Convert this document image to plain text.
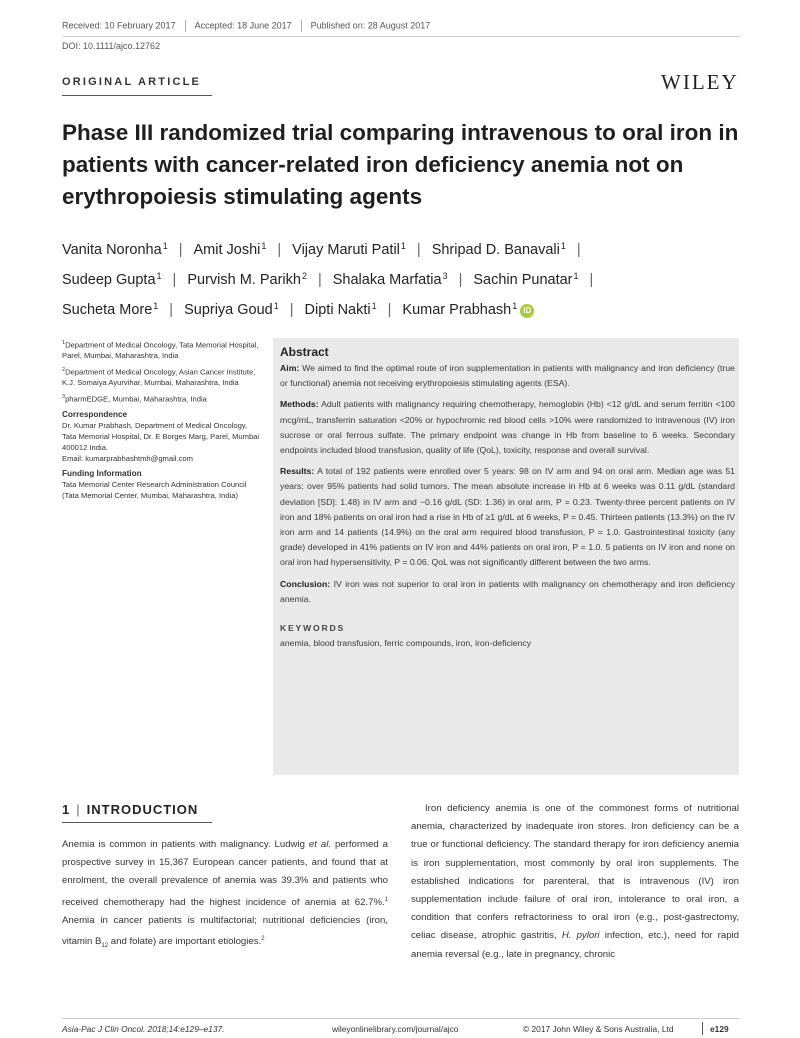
Received: 10 February 2017 Accepted: 18 June 2017 Published on: 28 August 2017
DOI: 10.1111/ajco.12762
ORIGINAL ARTICLE	WILEY
Phase III randomized trial comparing intravenous to oral iron in patients with cancer-related iron deficiency anemia not on erythropoiesis stimulating agents
Vanita Noronha$^1$ | Amit Joshi$^1$ | Vijay Maruti Patil$^1$ | Shripad D. Banavali$^1$ |
Sudeep Gupta$^1$ | Purvish M. Parikh$^2$ | Shalaka Marfatia$^3$ | Sachin Punatar$^1$ |
Sucheta More$^1$ | Supriya Goud$^1$ | Dipti Nakti$^1$ | Kumar Prabhash$^1$ iD

$^1$Department of Medical Oncology, Tata Memorial Hospital, Parel, Mumbai, Maharashtra, India

$^2$Department of Medical Oncology, Asian Cancer Institute, K.J. Somaiya Ayurvihar, Mumbai, Maharashtra, India

$^3$pharmEDGE, Mumbai, Maharashtra, India

Correspondence

Dr. Kumar Prabhash, Department of Medical Oncology, Tata Memorial Hospital, Dr. E Borges Marg, Parel, Mumbai 400012 India.

Email: kumarprabhashtmh@gmail.com

Funding Information

Tata Memorial Center Research Administration Council (Tata Memorial Center, Mumbai, Maharashtra, India)

Abstract

Aim: We aimed to find the optimal route of iron supplementation in patients with malignancy and iron deficiency (true or functional) anemia not receiving erythropoiesis stimulating agents (ESA).

Methods: Adult patients with malignancy requiring chemotherapy, hemoglobin (Hb) <12 g/dL and serum ferritin <100 mcg/mL, transferrin saturation <20% or hypochromic red blood cells >10% were randomized to intravenous (IV) iron sucrose or oral ferrous sulfate. The primary endpoint was change in Hb from baseline to 6 weeks. Secondary endpoints included blood transfusion, quality of life (QoL), toxicity, response and overall survival.

Results: A total of 192 patients were enrolled over 5 years: 98 on IV arm and 94 on oral arm. Median age was 51 years; over 95% patients had solid tumors. The mean absolute increase in Hb at 6 weeks was 0.11 g/dL (standard deviation [SD]: 1.48) in IV arm and −0.16 g/dL (SD: 1.36) in oral arm, P = 0.23. Twenty-three percent patients on IV iron and 18% patients on oral iron had a rise in Hb of ≥1 g/dL at 6 weeks, P = 0.45. Thirteen patients (13.3%) on the IV iron arm and 14 patients (14.9%) on the oral arm required blood transfusion, P = 1.0. Gastrointestinal toxicity (any grade) developed in 41% patients on IV iron and 44% patients on oral iron, P = 1.0. 5 patients on IV iron and none on oral iron had hypersensitivity, P = 0.06. QoL was not significantly different between the two arms.

Conclusion: IV iron was not superior to oral iron in patients with malignancy on chemotherapy and iron deficiency anemia.

KEYWORDS
anemia, blood transfusion, ferric compounds, iron, iron-deficiency
1 | INTRODUCTION
Anemia is common in patients with malignancy. Ludwig et al. performed a prospective survey in 15,367 European cancer patients, and found that at enrolment, the overall prevalence of anemia was 39.3% and patients who received chemotherapy had the highest incidence of anemia at 62.7%.$^1$ Anemia in cancer patients is multifactorial; nutritional deficiencies (iron, vitamin $B_{12}$ and folate) are important etiologies.$^2$
Iron deficiency anemia is one of the commonest forms of nutritional anemia, characterized by inadequate iron stores. Iron deficiency can be a true or functional deficiency. The standard therapy for iron deficiency anemia is iron supplementation, most commonly by oral iron supplements. The established indications for parenteral, that is intravenous (IV) iron supplementation include failure of oral iron, intolerance to oral iron, a condition that confers refractoriness to oral iron (e.g., post-gastrectomy, celiac disease, atrophic gastritis, H. pylori infection, etc.), need for rapid anemia reversal (e.g., late in pregnancy, chronic
Asia-Pac J Clin Oncol. 2018;14:e129–e137.	wileyonlinelibrary.com/journal/ajco	© 2017 John Wiley & Sons Australia, Ltd	e129
